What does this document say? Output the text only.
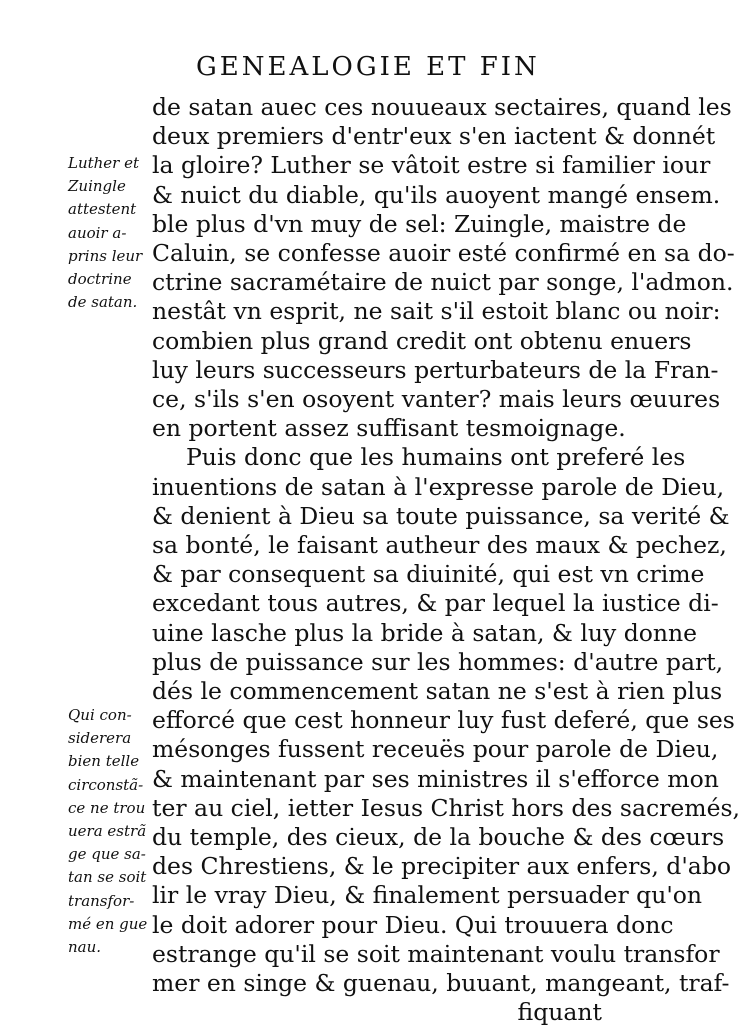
GENEALOGIE ET FIN
Luther et
Zuingle
attestent
auoir a-
prins leur
doctrine
de satan.
Qui con-
siderera
bien telle
circonstã-
ce ne trou
uera estrã
ge que sa-
tan se soit
transfor-
mé en gue
nau.
de satan auec ces nouueaux sectaires, quand les
deux premiers d'entr'eux s'en iactent & donnét
la gloire? Luther se vâtoit estre si familier iour
& nuict du diable, qu'ils auoyent mangé ensem.
ble plus d'vn muy de sel: Zuingle, maistre de
Caluin, se confesse auoir esté confirmé en sa do-
ctrine sacramétaire de nuict par songe, l'admon.
nestât vn esprit, ne sait s'il estoit blanc ou noir:
combien plus grand credit ont obtenu enuers
luy leurs successeurs perturbateurs de la Fran-
ce, s'ils s'en osoyent vanter? mais leurs œuures
en portent assez suffisant tesmoignage.
Puis donc que les humains ont preferé les
inuentions de satan à l'expresse parole de Dieu,
& denient à Dieu sa toute puissance, sa verité &
sa bonté, le faisant autheur des maux & pechez,
& par consequent sa diuinité, qui est vn crime
excedant tous autres, & par lequel la iustice di-
uine lasche plus la bride à satan, & luy donne
plus de puissance sur les hommes: d'autre part,
dés le commencement satan ne s'est à rien plus
efforcé que cest honneur luy fust deferé, que ses
mésonges fussent receuës pour parole de Dieu,
& maintenant par ses ministres il s'efforce mon
ter au ciel, ietter Iesus Christ hors des sacremés,
du temple, des cieux, de la bouche & des cœurs
des Chrestiens, & le precipiter aux enfers, d'abo
lir le vray Dieu, & finalement persuader qu'on
le doit adorer pour Dieu. Qui trouuera donc
estrange qu'il se soit maintenant voulu transfor
mer en singe & guenau, buuant, mangeant, traf-
fiquant
